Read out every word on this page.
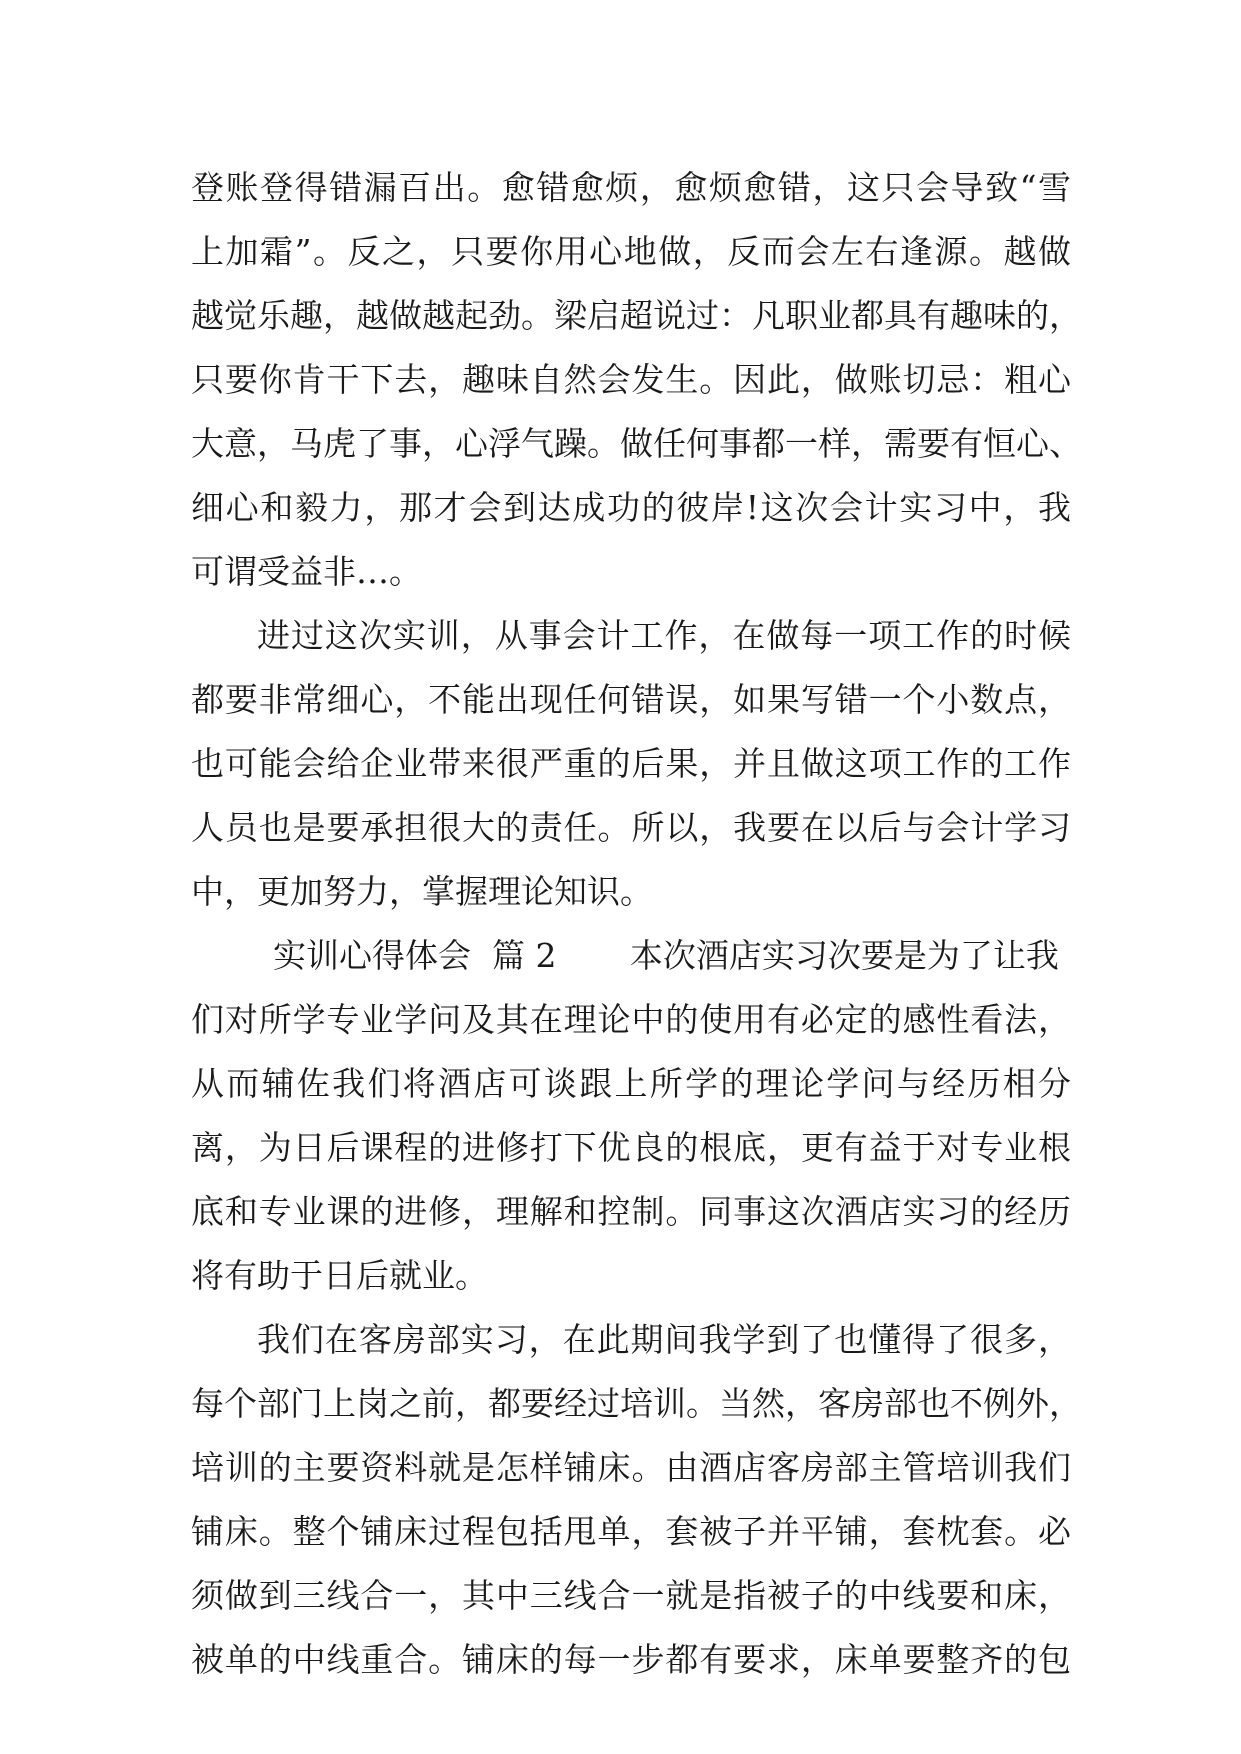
登账登得错漏百出。愈错愈烦，愈烦愈错，这只会导致“雪
上加霜”。反之，只要你用心地做，反而会左右逢源。越做
越觉乐趣，越做越起劲。梁启超说过：凡职业都具有趣味的，
只要你肯干下去，趣味自然会发生。因此，做账切忌：粗心
大意，马虎了事，心浮气躁。做任何事都一样，需要有恒心、
细心和毅力，那才会到达成功的彼岸!这次会计实习中，我
可谓受益非…。
进过这次实训，从事会计工作，在做每一项工作的时候
都要非常细心，不能出现任何错误，如果写错一个小数点，
也可能会给企业带来很严重的后果，并且做这项工作的工作
人员也是要承担很大的责任。所以，我要在以后与会计学习
中，更加努力，掌握理论知识。
实训心得体会  篇 2       本次酒店实习次要是为了让我
们对所学专业学问及其在理论中的使用有必定的感性看法，
从而辅佐我们将酒店可谈跟上所学的理论学问与经历相分
离，为日后课程的进修打下优良的根底，更有益于对专业根
底和专业课的进修，理解和控制。同事这次酒店实习的经历
将有助于日后就业。
我们在客房部实习，在此期间我学到了也懂得了很多，
每个部门上岗之前，都要经过培训。当然，客房部也不例外，
培训的主要资料就是怎样铺床。由酒店客房部主管培训我们
铺床。整个铺床过程包括甩单，套被子并平铺，套枕套。必
须做到三线合一，其中三线合一就是指被子的中线要和床，
被单的中线重合。铺床的每一步都有要求，床单要整齐的包
